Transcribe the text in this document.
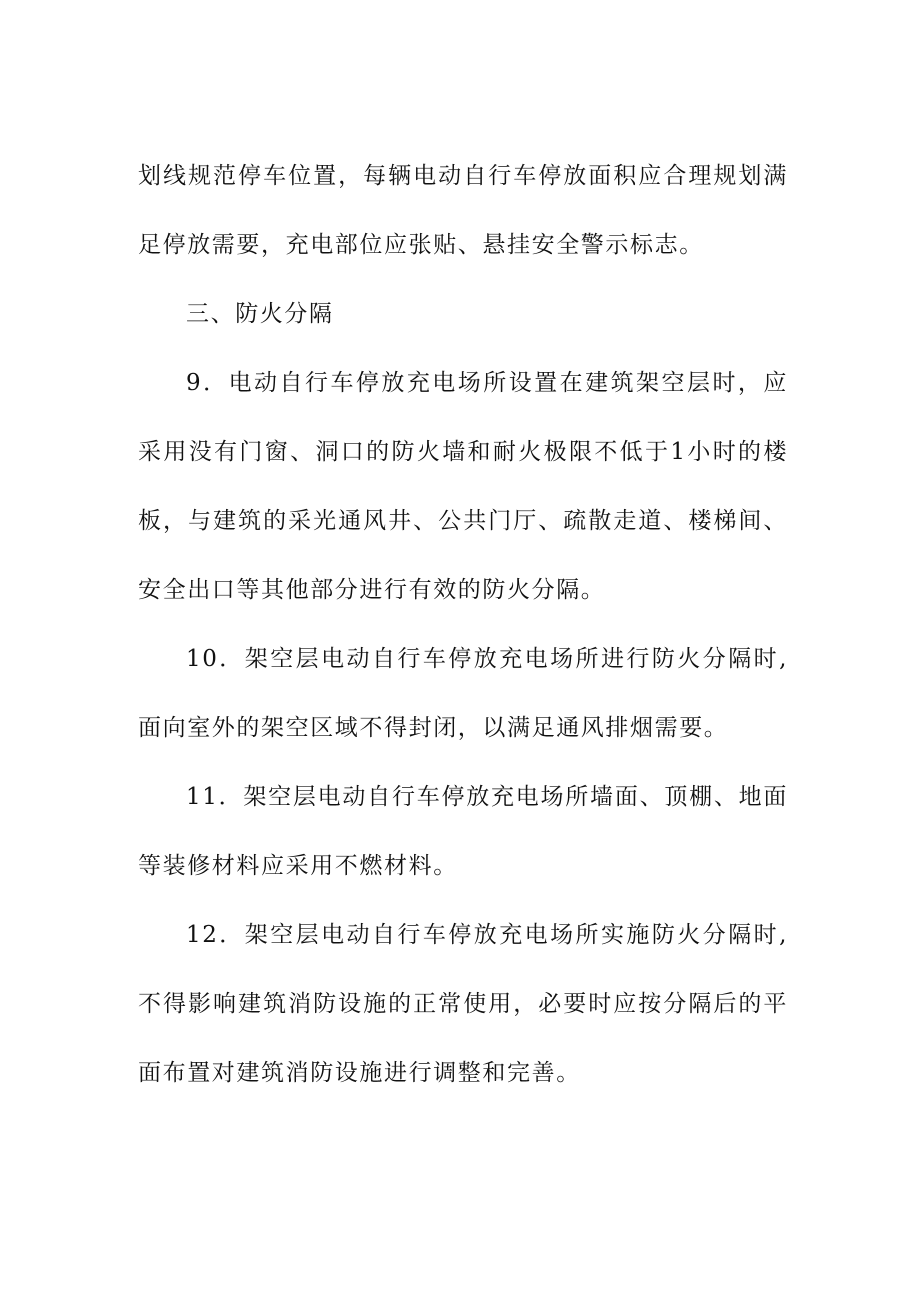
划线规范停车位置，每辆电动自行车停放面积应合理规划满足停放需要，充电部位应张贴、悬挂安全警示标志。

三、防火分隔

9．电动自行车停放充电场所设置在建筑架空层时，应采用没有门窗、洞口的防火墙和耐火极限不低于1小时的楼板，与建筑的采光通风井、公共门厅、疏散走道、楼梯间、安全出口等其他部分进行有效的防火分隔。

10．架空层电动自行车停放充电场所进行防火分隔时,面向室外的架空区域不得封闭，以满足通风排烟需要。

11．架空层电动自行车停放充电场所墙面、顶棚、地面等装修材料应采用不燃材料。

12．架空层电动自行车停放充电场所实施防火分隔时,不得影响建筑消防设施的正常使用，必要时应按分隔后的平面布置对建筑消防设施进行调整和完善。
